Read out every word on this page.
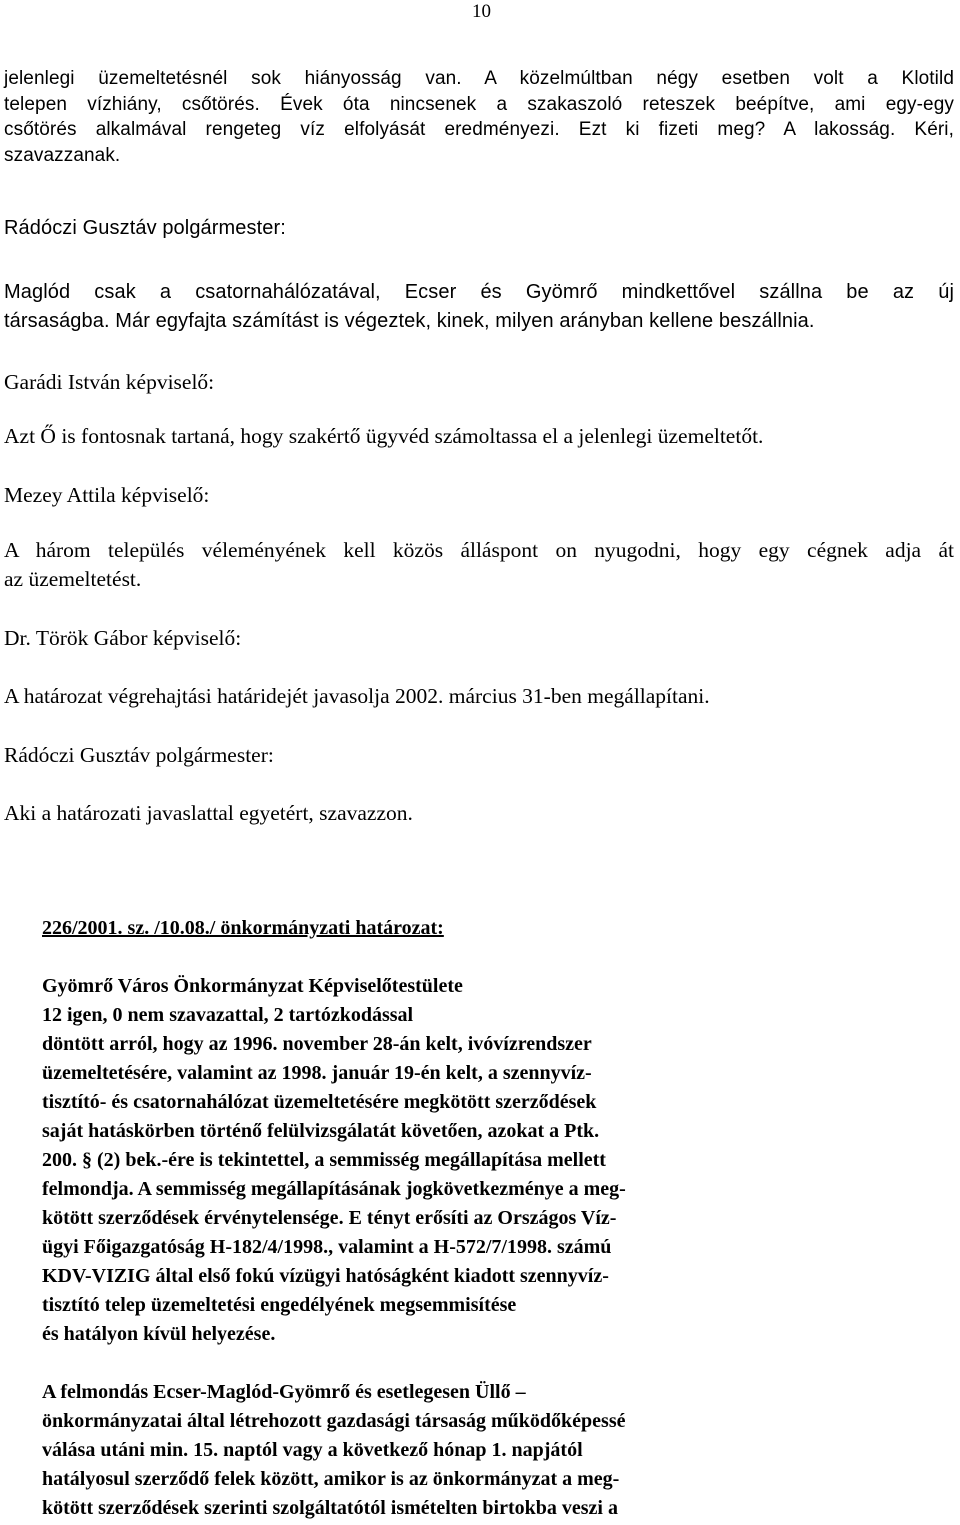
10
jelenlegi üzemeltetésnél sok hiányosság van. A közelmúltban négy esetben volt a Klotild
telepen vízhiány, csőtörés. Évek óta nincsenek a szakaszoló reteszek beépítve, ami egy-egy
csőtörés alkalmával rengeteg víz elfolyását eredményezi. Ezt ki fizeti meg? A lakosság. Kéri,
szavazzanak.
Rádóczi Gusztáv polgármester:
Maglód csak a csatornahálózatával, Ecser és Gyömrő mindkettővel szállna be az új
társaságba. Már egyfajta számítást is végeztek, kinek, milyen arányban kellene beszállnia.
Garádi István képviselő:
Azt Ő is fontosnak tartaná, hogy szakértő ügyvéd számoltassa el a jelenlegi üzemeltetőt.
Mezey Attila képviselő:
A három település véleményének kell közös álláspont on nyugodni, hogy egy cégnek adja át
az üzemeltetést.
Dr. Török Gábor képviselő:
A határozat végrehajtási határidejét javasolja 2002. március 31-ben megállapítani.
Rádóczi Gusztáv polgármester:
Aki a határozati javaslattal egyetért, szavazzon.
226/2001. sz. /10.08./ önkormányzati határozat:
Gyömrő Város Önkormányzat Képviselőtestülete
12 igen, 0 nem szavazattal, 2 tartózkodással
döntött arról, hogy az 1996. november 28-án kelt, ivóvízrendszer
üzemeltetésére, valamint az 1998. január 19-én kelt, a szennyvíz-
tisztító- és csatornahálózat üzemeltetésére megkötött szerződések
saját hatáskörben történő felülvizsgálatát követően, azokat a Ptk.
200. § (2) bek.-ére is tekintettel, a semmisség megállapítása mellett
felmondja. A semmisség megállapításának jogkövetkezménye a meg-
kötött szerződések érvénytelensége. E tényt erősíti az Országos Víz-
ügyi Főigazgatóság H-182/4/1998., valamint a H-572/7/1998. számú
KDV-VIZIG által első fokú vízügyi hatóságként kiadott szennyvíz-
tisztító telep üzemeltetési engedélyének megsemmisítése
és hatályon kívül helyezése.
A felmondás Ecser-Maglód-Gyömrő és esetlegesen Üllő –
önkormányzatai által létrehozott gazdasági társaság működőképessé
válása utáni min. 15. naptól vagy a következő hónap 1. napjától
hatályosul szerződő felek között, amikor is az önkormányzat a meg-
kötött szerződések szerinti szolgáltatótól ismételten birtokba veszi a
